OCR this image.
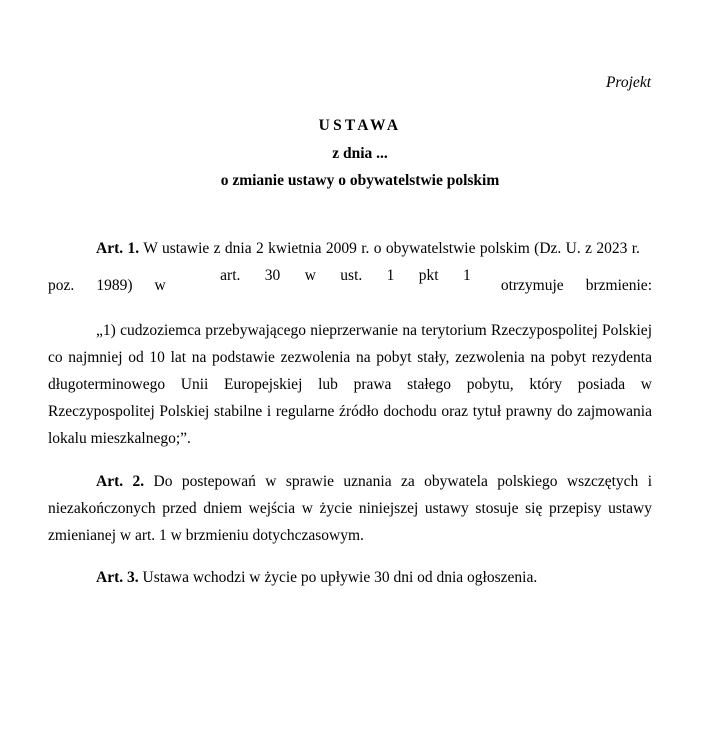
Projekt
USTAWA
z dnia ...
o zmianie ustawy o obywatelstwie polskim
Art. 1. W ustawie z dnia 2 kwietnia 2009 r. o obywatelstwie polskim (Dz. U. z 2023 r.
poz. 1989) w
art. 30 w ust. 1 pkt 1
otrzymuje brzmienie:
„1) cudzoziemca przebywającego nieprzerwanie na terytorium Rzeczypospolitej Polskiej co najmniej od 10 lat na podstawie zezwolenia na pobyt stały, zezwolenia na pobyt rezydenta długoterminowego Unii Europejskiej lub prawa stałego pobytu, który posiada w Rzeczypospolitej Polskiej stabilne i regularne źródło dochodu oraz tytuł prawny do zajmowania lokalu mieszkalnego;”.
Art. 2. Do postepowań w sprawie uznania za obywatela polskiego wszczętych i niezakończonych przed dniem wejścia w życie niniejszej ustawy stosuje się przepisy ustawy zmienianej w art. 1 w brzmieniu dotychczasowym.
Art. 3. Ustawa wchodzi w życie po upływie 30 dni od dnia ogłoszenia.
